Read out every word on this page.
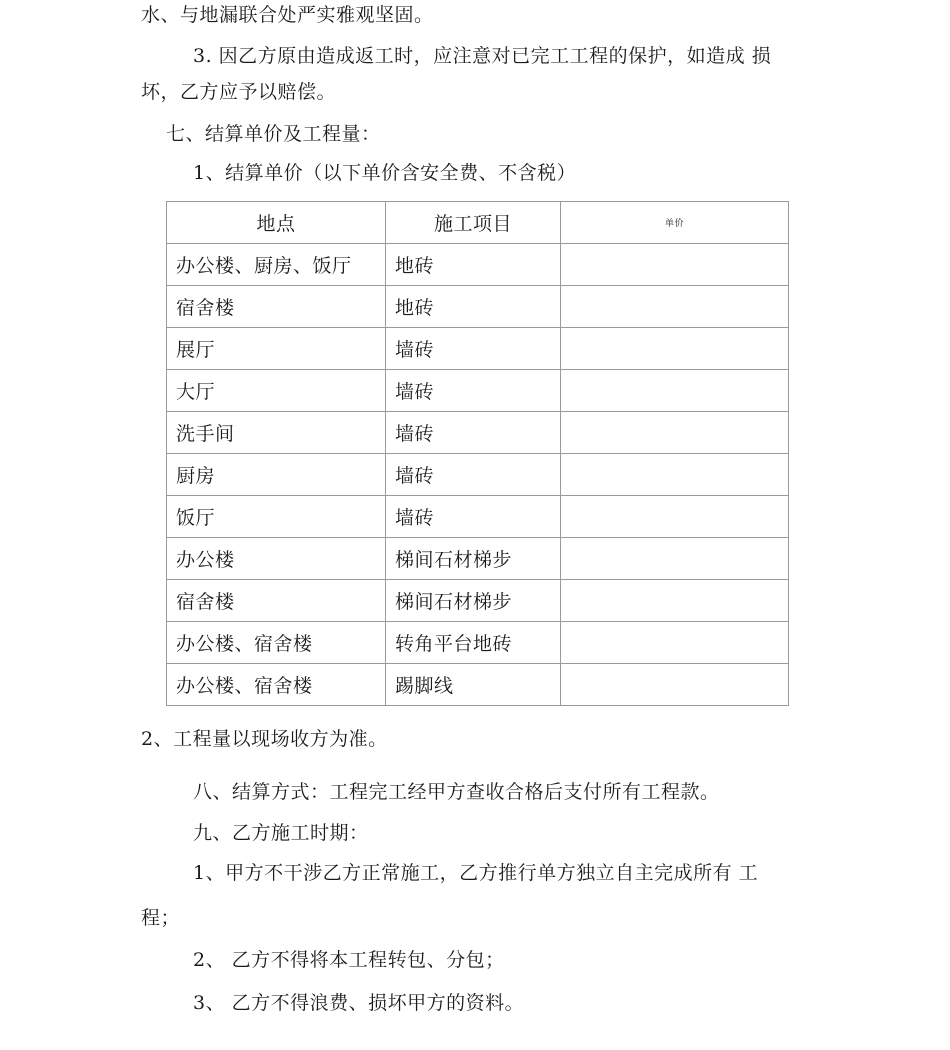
水、与地漏联合处严实雅观坚固。
3. 因乙方原由造成返工时，应注意对已完工工程的保护，如造成 损
坏，乙方应予以赔偿。
七、结算单价及工程量：
1、结算单价（以下单价含安全费、不含税）
地点	施工项目	单价
办公楼、厨房、饭厅	地砖	
宿舍楼	地砖	
展厅	墙砖	
大厅	墙砖	
洗手间	墙砖	
厨房	墙砖	
饭厅	墙砖	
办公楼	梯间石材梯步	
宿舍楼	梯间石材梯步	
办公楼、宿舍楼	转角平台地砖	
办公楼、宿舍楼	踢脚线	
2、工程量以现场收方为准。
八、结算方式：工程完工经甲方查收合格后支付所有工程款。
九、乙方施工时期：
1、甲方不干涉乙方正常施工，乙方推行单方独立自主完成所有 工
程；
2、 乙方不得将本工程转包、分包；
3、 乙方不得浪费、损坏甲方的资料。
